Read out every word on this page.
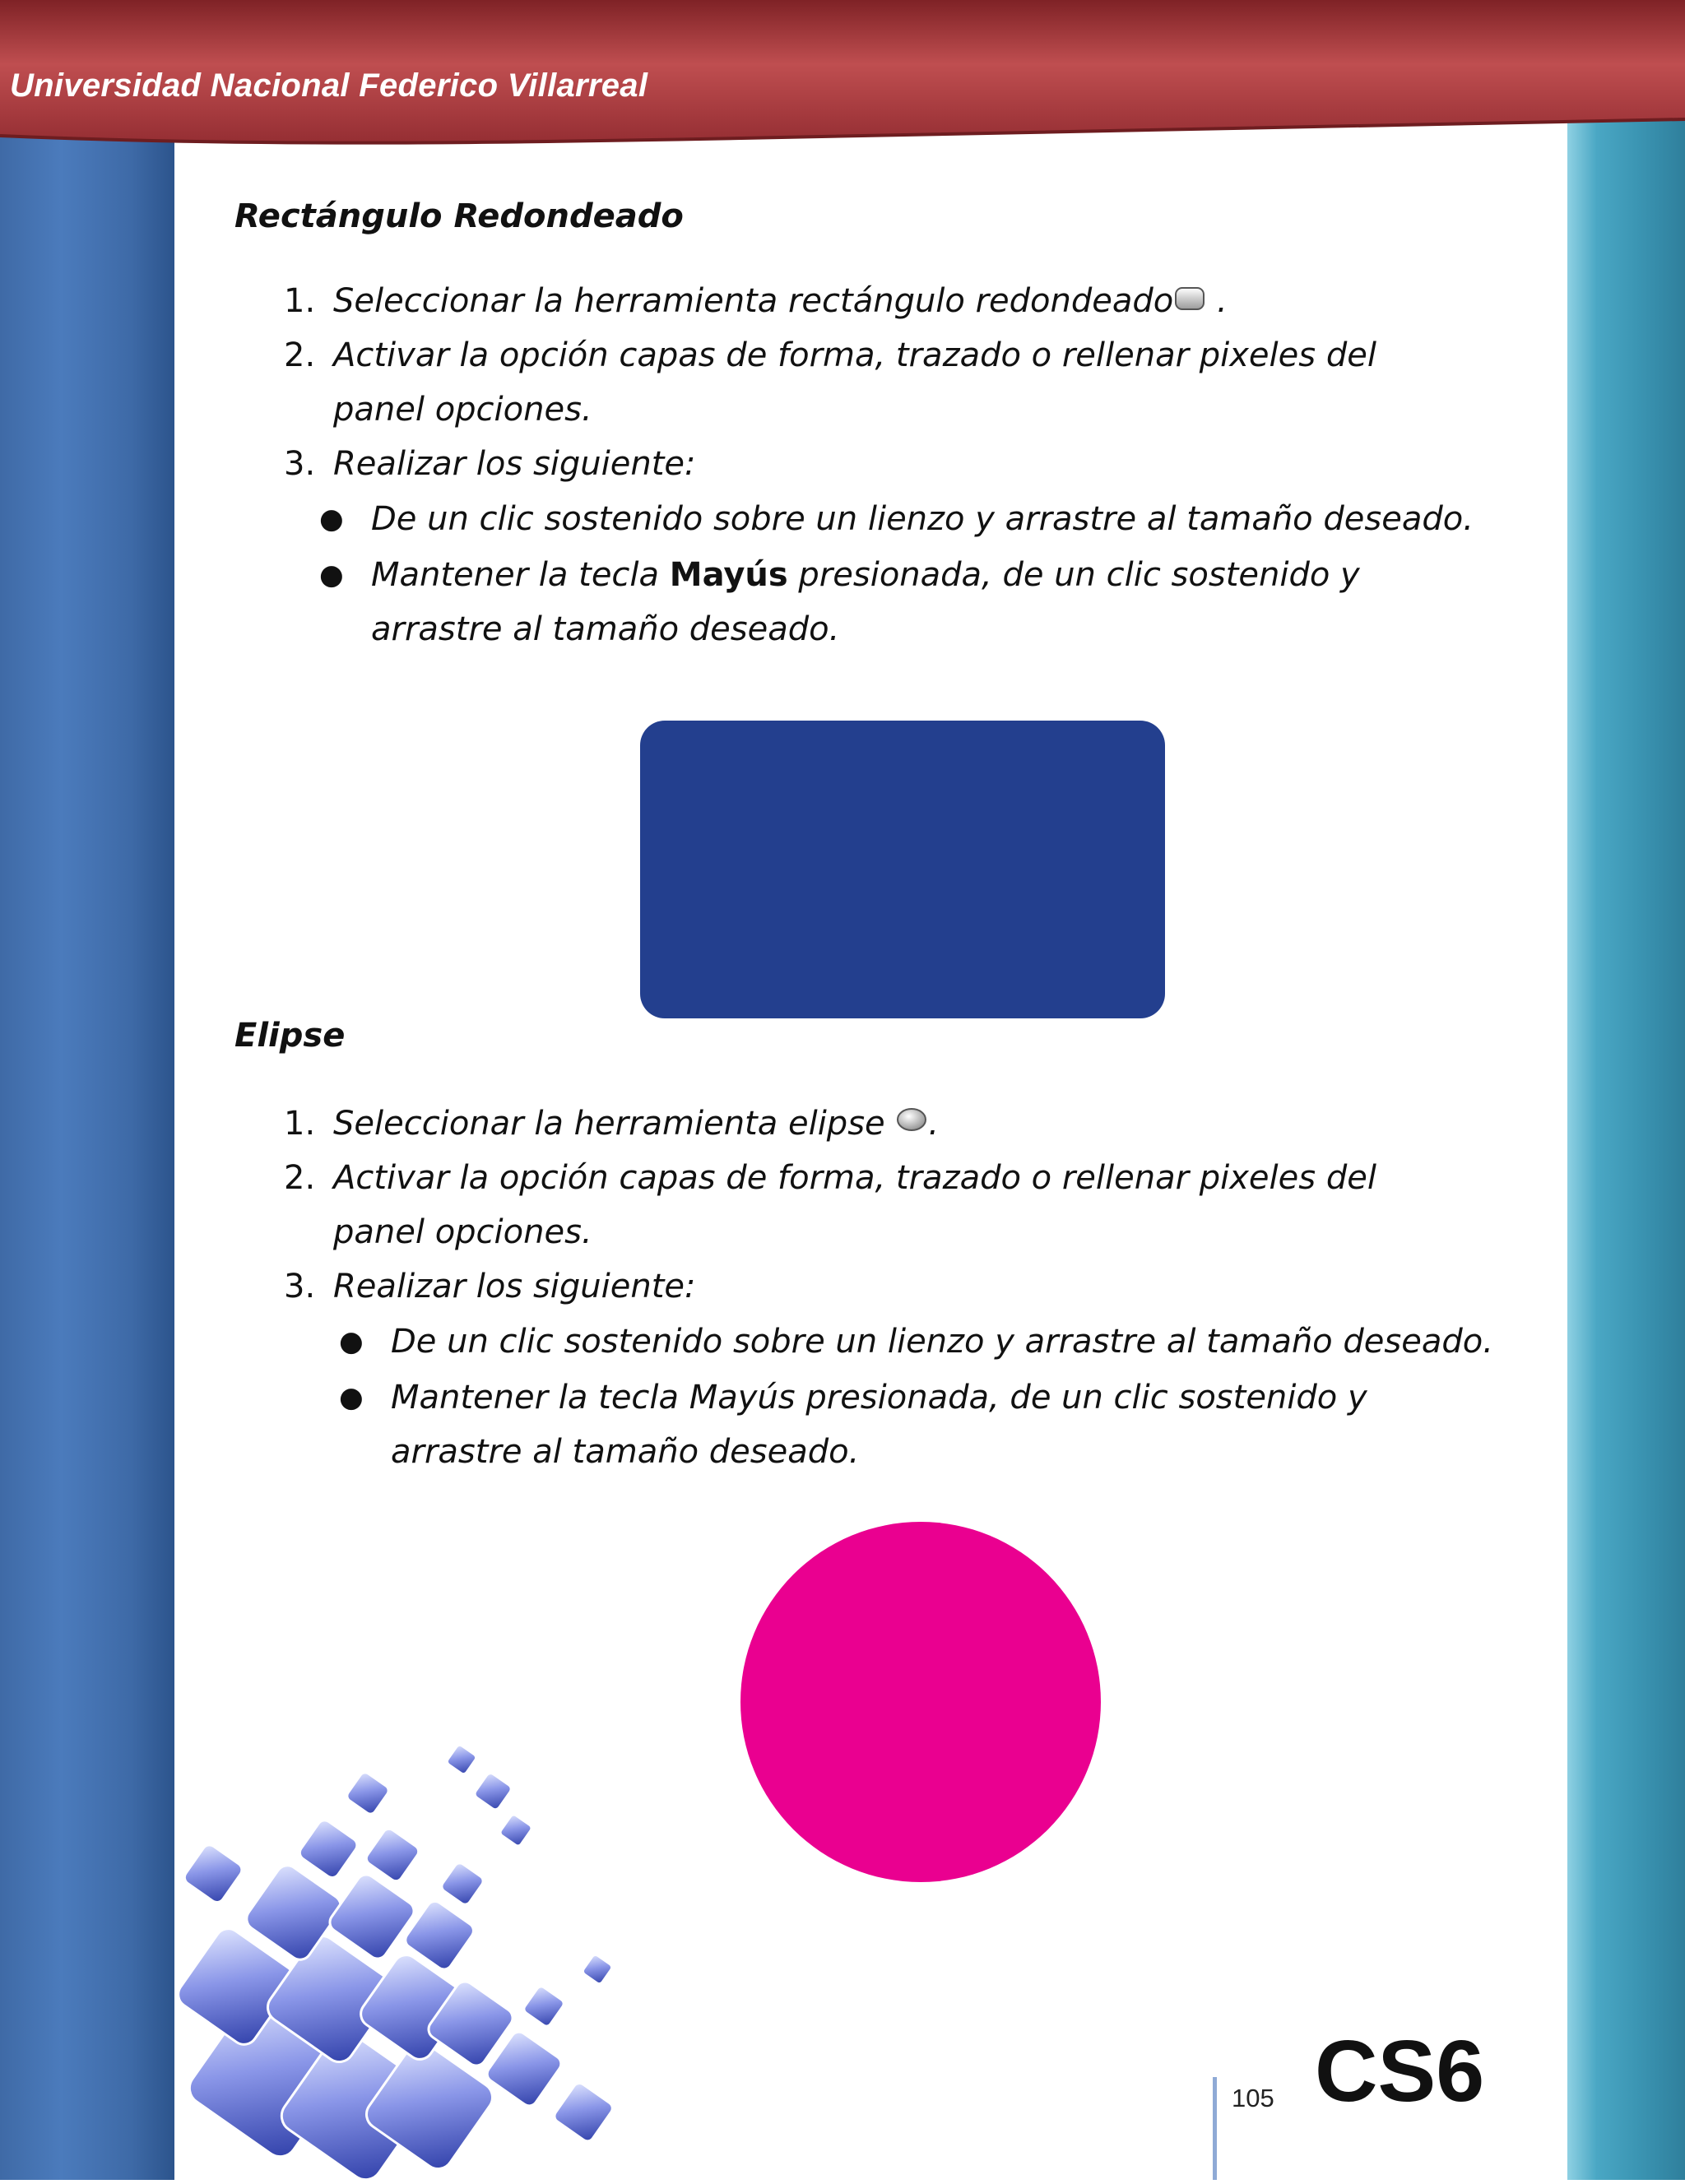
Universidad Nacional Federico Villarreal

Rectángulo Redondeado

1. Seleccionar la herramienta rectángulo redondeado .
2. Activar la opción capas de forma, trazado o rellenar pixeles del panel opciones.
3. Realizar los siguiente:
● De un clic sostenido sobre un lienzo y arrastre al tamaño deseado.
● Mantener la tecla Mayús presionada, de un clic sostenido y arrastre al tamaño deseado.

Elipse

1. Seleccionar la herramienta elipse .
2. Activar la opción capas de forma, trazado o rellenar pixeles del panel opciones.
3. Realizar los siguiente:
● De un clic sostenido sobre un lienzo y arrastre al tamaño deseado.
● Mantener la tecla Mayús presionada, de un clic sostenido y arrastre al tamaño deseado.

105 CS6
